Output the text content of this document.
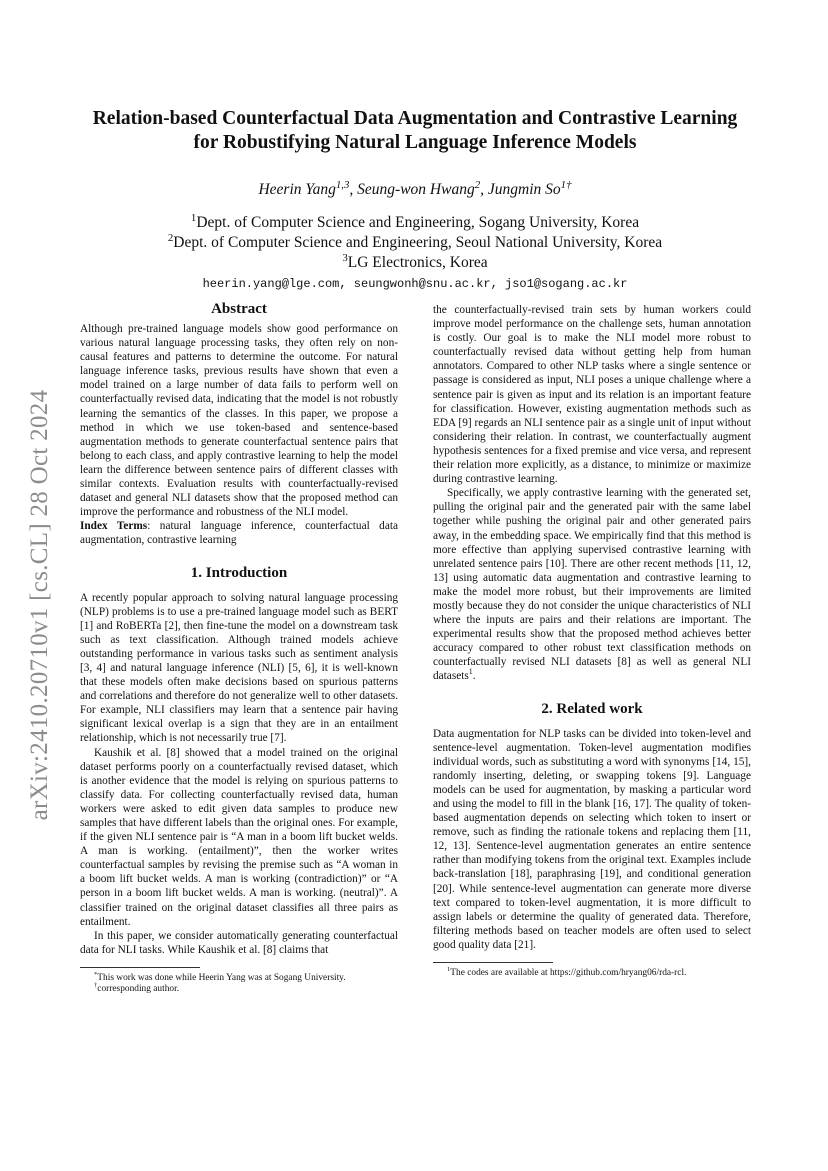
arXiv:2410.20710v1 [cs.CL] 28 Oct 2024
Relation-based Counterfactual Data Augmentation and Contrastive Learning
for Robustifying Natural Language Inference Models
Heerin Yang$^{1,3}$, Seung-won Hwang$^2$, Jungmin $So^{1\dagger}$
$^1$Dept. of Computer Science and Engineering, Sogang University, Korea
$^2$Dept. of Computer Science and Engineering, Seoul National University, Korea
$^3$LG Electronics, Korea
heerin.yang@lge.com, seungwonh@snu.ac.kr, jso1@sogang.ac.kr
Abstract

Although pre-trained language models show good performance on various natural language processing tasks, they often rely on non-causal features and patterns to determine the outcome. For natural language inference tasks, previous results have shown that even a model trained on a large number of data fails to perform well on counterfactually revised data, indicating that the model is not robustly learning the semantics of the classes. In this paper, we propose a method in which we use token-based and sentence-based augmentation methods to generate counterfactual sentence pairs that belong to each class, and apply contrastive learning to help the model learn the difference between sentence pairs of different classes with similar contexts. Evaluation results with counterfactually-revised dataset and general NLI datasets show that the proposed method can improve the performance and robustness of the NLI model.

Index Terms: natural language inference, counterfactual data augmentation, contrastive learning

1. Introduction

A recently popular approach to solving natural language processing (NLP) problems is to use a pre-trained language model such as BERT [1] and RoBERTa [2], then fine-tune the model on a downstream task such as text classification. Although trained models achieve outstanding performance in various tasks such as sentiment analysis [3, 4] and natural language inference (NLI) [5, 6], it is well-known that these models often make decisions based on spurious patterns and correlations and therefore do not generalize well to other datasets. For example, NLI classifiers may learn that a sentence pair having significant lexical overlap is a sign that they are in an entailment relationship, which is not necessarily true [7].

Kaushik et al. [8] showed that a model trained on the original dataset performs poorly on a counterfactually revised dataset, which is another evidence that the model is relying on spurious patterns to classify data. For collecting counterfactually revised data, human workers were asked to edit given data samples to produce new samples that have different labels than the original ones. For example, if the given NLI sentence pair is “A man in a boom lift bucket welds. A man is working. (entailment)”, then the worker writes counterfactual samples by revising the premise such as “A woman in a boom lift bucket welds. A man is working (contradiction)” or “A person in a boom lift bucket welds. A man is working. (neutral)”. A classifier trained on the original dataset classifies all three pairs as entailment.

In this paper, we consider automatically generating counterfactual data for NLI tasks. While Kaushik et al. [8] claims that

*This work was done while Heerin Yang was at Sogang University.
†corresponding author.

the counterfactually-revised train sets by human workers could improve model performance on the challenge sets, human annotation is costly. Our goal is to make the NLI model more robust to counterfactually revised data without getting help from human annotators. Compared to other NLP tasks where a single sentence or passage is considered as input, NLI poses a unique challenge where a sentence pair is given as input and its relation is an important feature for classification. However, existing augmentation methods such as EDA [9] regards an NLI sentence pair as a single unit of input without considering their relation. In contrast, we counterfactually augment hypothesis sentences for a fixed premise and vice versa, and represent their relation more explicitly, as a distance, to minimize or maximize during contrastive learning.

Specifically, we apply contrastive learning with the generated set, pulling the original pair and the generated pair with the same label together while pushing the original pair and other generated pairs away, in the embedding space. We empirically find that this method is more effective than applying supervised contrastive learning with unrelated sentence pairs [10]. There are other recent methods [11, 12, 13] using automatic data augmentation and contrastive learning to make the model more robust, but their improvements are limited mostly because they do not consider the unique characteristics of NLI where the inputs are pairs and their relations are important. The experimental results show that the proposed method achieves better accuracy compared to other robust text classification methods on counterfactually revised NLI datasets [8] as well as general NLI datasets$^1$.

2. Related work

Data augmentation for NLP tasks can be divided into token-level and sentence-level augmentation. Token-level augmentation modifies individual words, such as substituting a word with synonyms [14, 15], randomly inserting, deleting, or swapping tokens [9]. Language models can be used for augmentation, by masking a particular word and using the model to fill in the blank [16, 17]. The quality of token-based augmentation depends on selecting which token to insert or remove, such as finding the rationale tokens and replacing them [11, 12, 13]. Sentence-level augmentation generates an entire sentence rather than modifying tokens from the original text. Examples include back-translation [18], paraphrasing [19], and conditional generation [20]. While sentence-level augmentation can generate more diverse text compared to token-level augmentation, it is more difficult to assign labels or determine the quality of generated data. Therefore, filtering methods based on teacher models are often used to select good quality data [21].

$^1$The codes are available at https://github.com/hryang06/rda-rcl.
